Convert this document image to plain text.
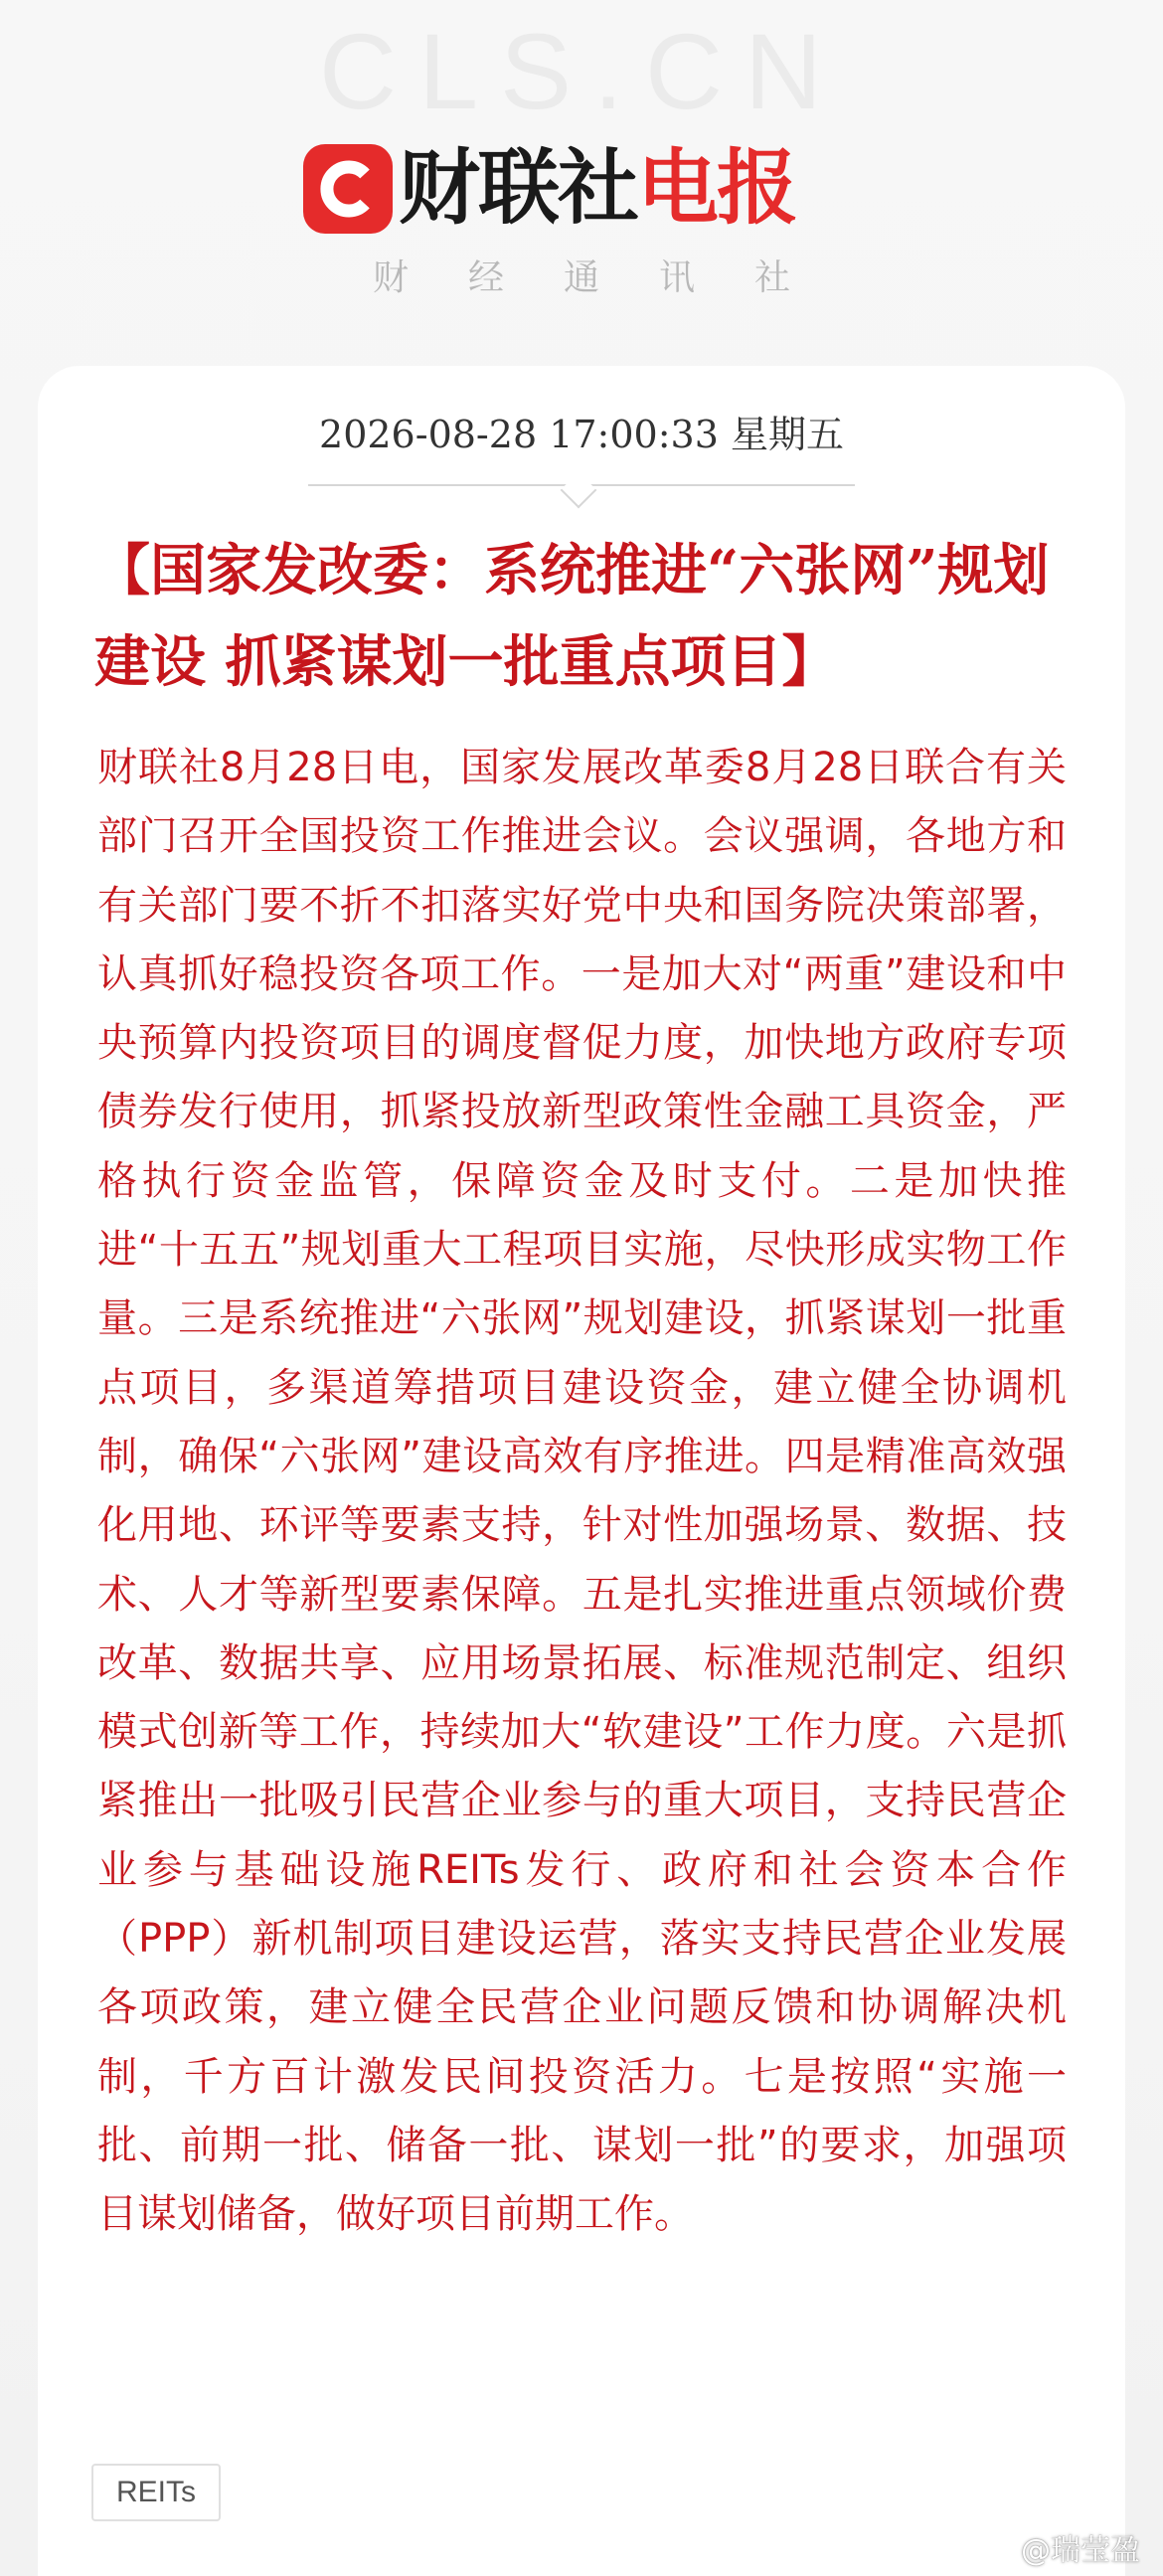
CLS.CN
财联社 电报
财经通讯社
2026-08-28 17:00:33 星期五
【国家发改委：系统推进“六张网”规划建设 抓紧谋划一批重点项目】

财联社8月28日电，国家发展改革委8月28日联合有关部门召开全国投资工作推进会议。会议强调，各地方和有关部门要不折不扣落实好党中央和国务院决策部署，认真抓好稳投资各项工作。一是加大对“两重”建设和中央预算内投资项目的调度督促力度，加快地方政府专项债券发行使用，抓紧投放新型政策性金融工具资金，严格执行资金监管，保障资金及时支付。二是加快推进“十五五”规划重大工程项目实施，尽快形成实物工作量。三是系统推进“六张网”规划建设，抓紧谋划一批重点项目，多渠道筹措项目建设资金，建立健全协调机制，确保“六张网”建设高效有序推进。四是精准高效强化用地、环评等要素支持，针对性加强场景、数据、技术、人才等新型要素保障。五是扎实推进重点领域价费改革、数据共享、应用场景拓展、标准规范制定、组织模式创新等工作，持续加大“软建设”工作力度。六是抓紧推出一批吸引民营企业参与的重大项目，支持民营企业参与基础设施REITs发行、政府和社会资本合作（PPP）新机制项目建设运营，落实支持民营企业发展各项政策，建立健全民营企业问题反馈和协调解决机制，千方百计激发民间投资活力。七是按照“实施一批、前期一批、储备一批、谋划一批”的要求，加强项目谋划储备，做好项目前期工作。

REITs
@瑞莹盈
